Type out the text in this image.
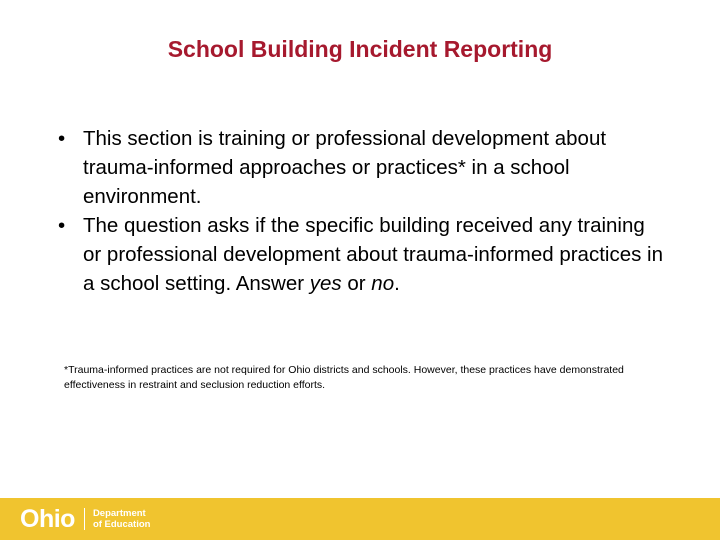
School Building Incident Reporting
• This section is training or professional development about trauma-informed approaches or practices* in a school environment.
• The question asks if the specific building received any training or professional development about trauma-informed practices in a school setting. Answer yes or no.
*Trauma-informed practices are not required for Ohio districts and schools. However, these practices have demonstrated effectiveness in restraint and seclusion reduction efforts.
Ohio Department
of Education
